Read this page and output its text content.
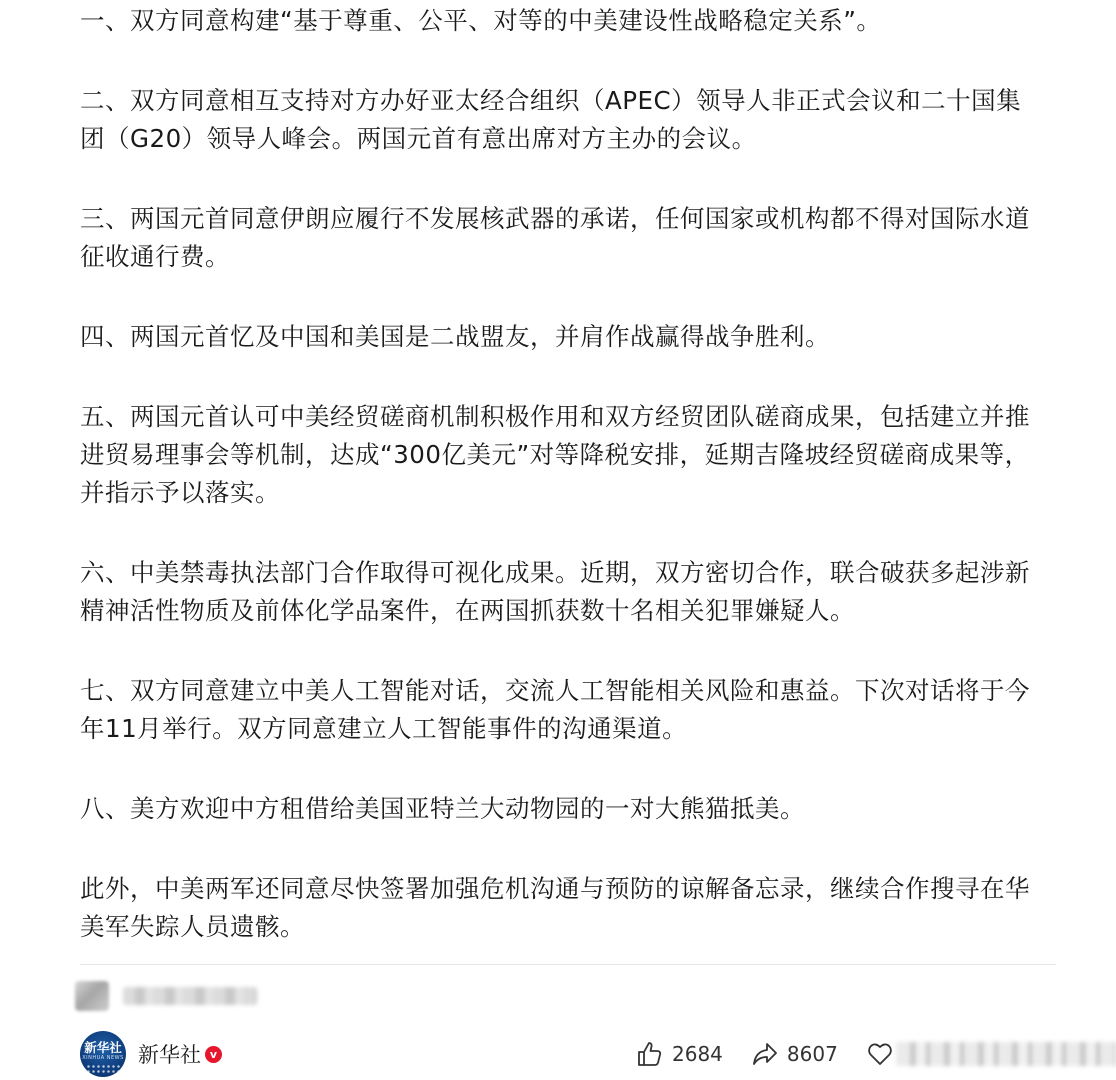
一、双方同意构建“基于尊重、公平、对等的中美建设性战略稳定关系”。

二、双方同意相互支持对方办好亚太经合组织（APEC）领导人非正式会议和二十国集
团（G20）领导人峰会。两国元首有意出席对方主办的会议。

三、两国元首同意伊朗应履行不发展核武器的承诺，任何国家或机构都不得对国际水道
征收通行费。

四、两国元首忆及中国和美国是二战盟友，并肩作战赢得战争胜利。

五、两国元首认可中美经贸磋商机制积极作用和双方经贸团队磋商成果，包括建立并推
进贸易理事会等机制，达成“300亿美元”对等降税安排，延期吉隆坡经贸磋商成果等，
并指示予以落实。

六、中美禁毒执法部门合作取得可视化成果。近期，双方密切合作，联合破获多起涉新
精神活性物质及前体化学品案件，在两国抓获数十名相关犯罪嫌疑人。

七、双方同意建立中美人工智能对话，交流人工智能相关风险和惠益。下次对话将于今
年11月举行。双方同意建立人工智能事件的沟通渠道。

八、美方欢迎中方租借给美国亚特兰大动物园的一对大熊猫抵美。

此外，中美两军还同意尽快签署加强危机沟通与预防的谅解备忘录，继续合作搜寻在华
美军失踪人员遗骸。

新华社
XINHUA NEWS 新华社 v	2684	8607
